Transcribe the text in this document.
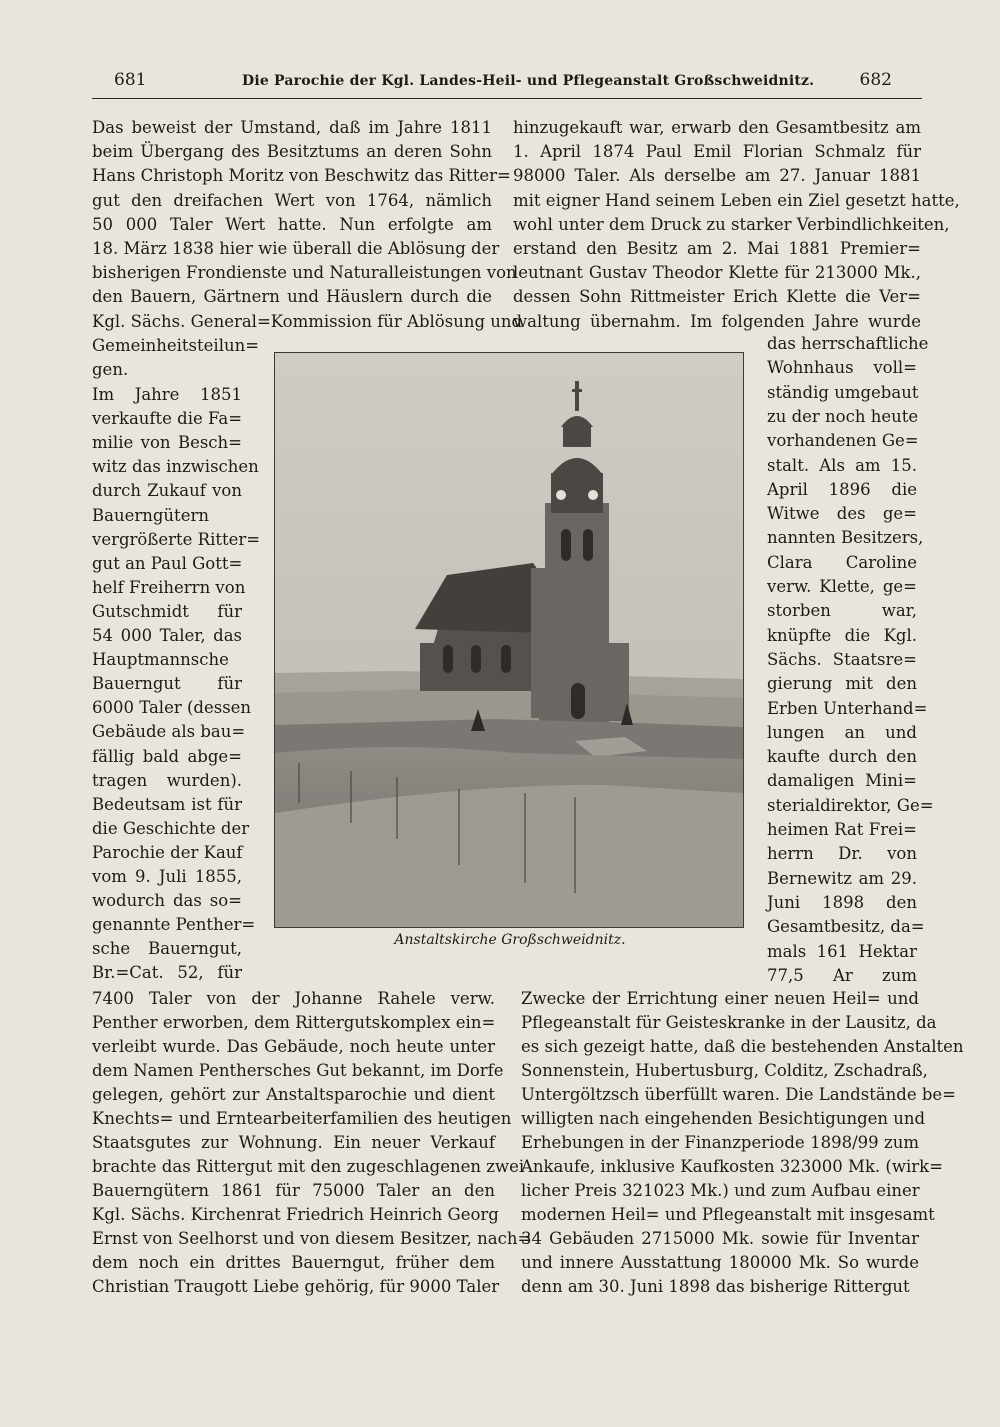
681	Die Parochie der Kgl. Landes-Heil- und Pflegeanstalt Großschweidnitz.	682

Das beweist der Umstand, daß im Jahre 1811

beim Übergang des Besitztums an deren Sohn

Hans Christoph Moritz von Beschwitz das Ritter=

gut den dreifachen Wert von 1764, nämlich

50 000 Taler Wert hatte. Nun erfolgte am

18. März 1838 hier wie überall die Ablösung der

bisherigen Frondienste und Naturalleistungen von

den Bauern, Gärtnern und Häuslern durch die

Kgl. Sächs. General=Kommission für Ablösung und

Gemeinheitsteilun=

gen.

Im Jahre 1851

verkaufte die Fa=

milie von Besch=

witz das inzwischen

durch Zukauf von

Bauerngütern

vergrößerte Ritter=

gut an Paul Gott=

helf Freiherrn von

Gutschmidt für

54 000 Taler, das

Hauptmannsche

Bauerngut für

6000 Taler (dessen

Gebäude als bau=

fällig bald abge=

tragen wurden).

Bedeutsam ist für

die Geschichte der

Parochie der Kauf

vom 9. Juli 1855,

wodurch das so=

genannte Penther=

sche Bauerngut,

Br.=Cat. 52, für

7400 Taler von der Johanne Rahele verw.

Penther erworben, dem Rittergutskomplex ein=

verleibt wurde. Das Gebäude, noch heute unter

dem Namen Penthersches Gut bekannt, im Dorfe

gelegen, gehört zur Anstaltsparochie und dient

Knechts= und Erntearbeiterfamilien des heutigen

Staatsgutes zur Wohnung. Ein neuer Verkauf

brachte das Rittergut mit den zugeschlagenen zwei

Bauerngütern 1861 für 75000 Taler an den

Kgl. Sächs. Kirchenrat Friedrich Heinrich Georg

Ernst von Seelhorst und von diesem Besitzer, nach=

dem noch ein drittes Bauerngut, früher dem

Christian Traugott Liebe gehörig, für 9000 Taler

hinzugekauft war, erwarb den Gesamtbesitz am

1. April 1874 Paul Emil Florian Schmalz für

98000 Taler. Als derselbe am 27. Januar 1881

mit eigner Hand seinem Leben ein Ziel gesetzt hatte,

wohl unter dem Druck zu starker Verbindlichkeiten,

erstand den Besitz am 2. Mai 1881 Premier=

leutnant Gustav Theodor Klette für 213000 Mk.,

dessen Sohn Rittmeister Erich Klette die Ver=

waltung übernahm. Im folgenden Jahre wurde

das herrschaftliche

Wohnhaus voll=

ständig umgebaut

zu der noch heute

vorhandenen Ge=

stalt. Als am 15.

April 1896 die

Witwe des ge=

nannten Besitzers,

Clara Caroline

verw. Klette, ge=

storben war,

knüpfte die Kgl.

Sächs. Staatsre=

gierung mit den

Erben Unterhand=

lungen an und

kaufte durch den

damaligen Mini=

sterialdirektor, Ge=

heimen Rat Frei=

herrn Dr. von

Bernewitz am 29.

Juni 1898 den

Gesamtbesitz, da=

mals 161 Hektar

77,5 Ar zum

Zwecke der Errichtung einer neuen Heil= und

Pflegeanstalt für Geisteskranke in der Lausitz, da

es sich gezeigt hatte, daß die bestehenden Anstalten

Sonnenstein, Hubertusburg, Colditz, Zschadraß,

Untergöltzsch überfüllt waren. Die Landstände be=

willigten nach eingehenden Besichtigungen und

Erhebungen in der Finanzperiode 1898/99 zum

Ankaufe, inklusive Kaufkosten 323000 Mk. (wirk=

licher Preis 321023 Mk.) und zum Aufbau einer

modernen Heil= und Pflegeanstalt mit insgesamt

34 Gebäuden 2715000 Mk. sowie für Inventar

und innere Ausstattung 180000 Mk. So wurde

denn am 30. Juni 1898 das bisherige Rittergut

Anstaltskirche Großschweidnitz.
